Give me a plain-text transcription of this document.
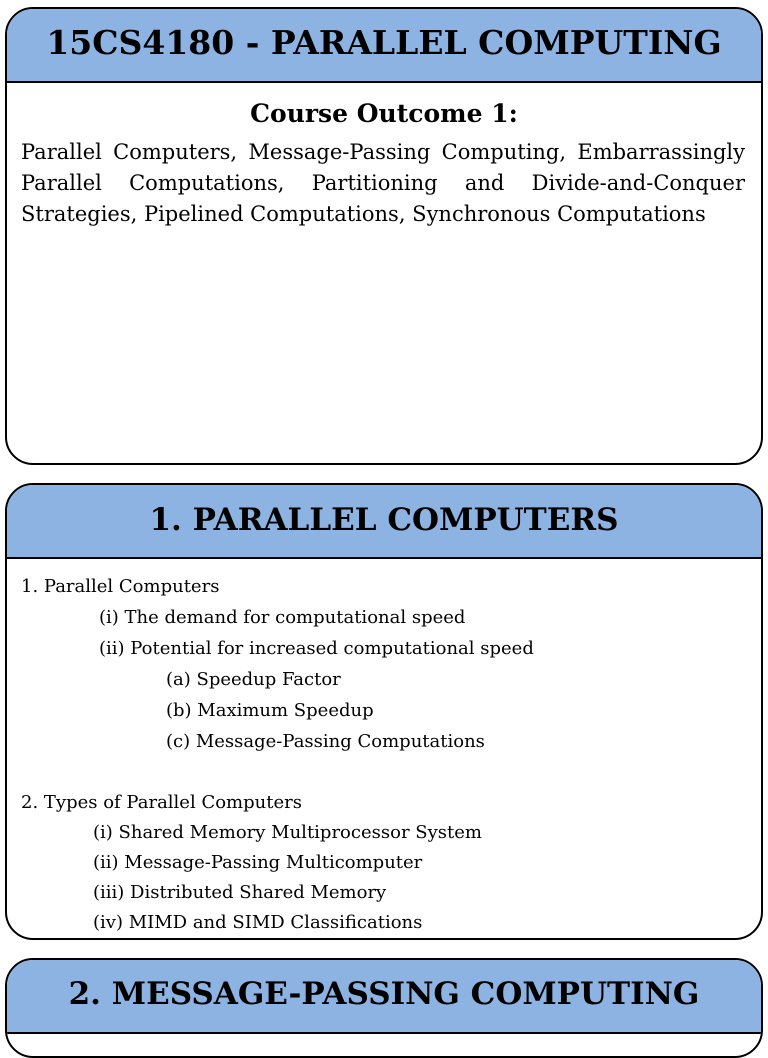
15CS4180 - PARALLEL COMPUTING
Course Outcome 1:
Parallel Computers, Message-Passing Computing, Embarrassingly Parallel Computations, Partitioning and Divide-and-Conquer Strategies, Pipelined Computations, Synchronous Computations
1. PARALLEL COMPUTERS
1. Parallel Computers
(i) The demand for computational speed
(ii) Potential for increased computational speed
(a) Speedup Factor
(b) Maximum Speedup
(c) Message-Passing Computations
2. Types of Parallel Computers
(i) Shared Memory Multiprocessor System
(ii) Message-Passing Multicomputer
(iii) Distributed Shared Memory
(iv) MIMD and SIMD Classifications
2. MESSAGE-PASSING COMPUTING
